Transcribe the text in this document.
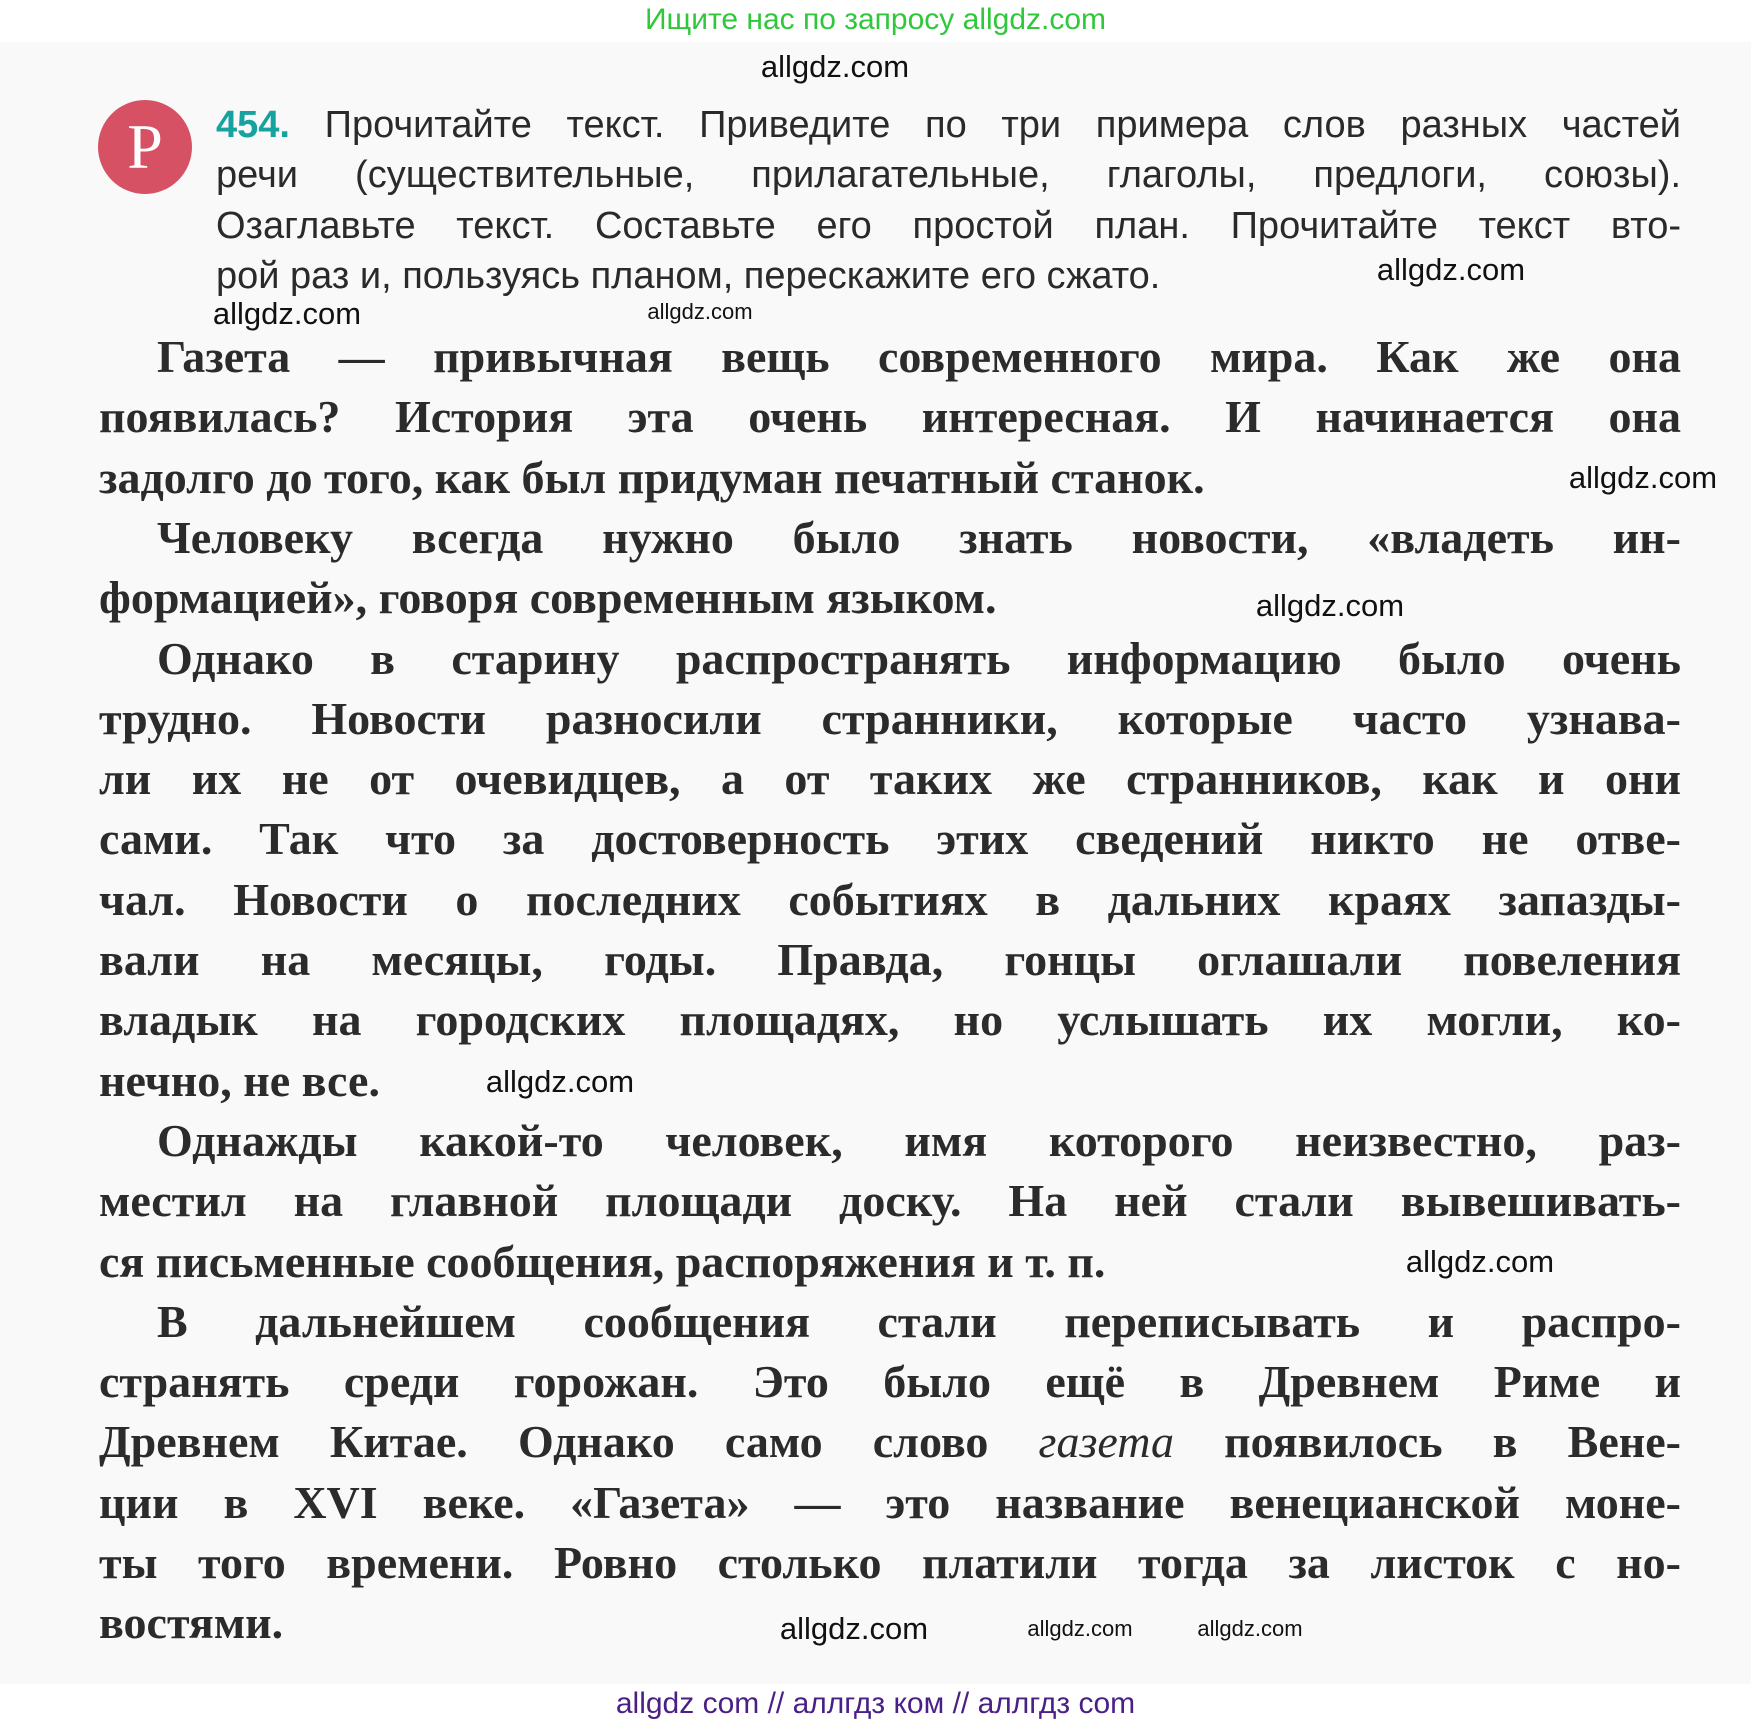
Ищите нас по запросу allgdz.com
Р	454. Прочитайте текст. Приведите по три примера слов разных частей
речи (существительные, прилагательные, глаголы, предлоги, союзы).
Озаглавьте текст. Составьте его простой план. Прочитайте текст вто-
рой раз и, пользуясь планом, перескажите его сжато.
Газета — привычная вещь современного мира. Как же она
появилась? История эта очень интересная. И начинается она
задолго до того, как был придуман печатный станок.
Человеку всегда нужно было знать новости, «владеть ин-
формацией», говоря современным языком.
Однако в старину распространять информацию было очень
трудно. Новости разносили странники, которые часто узнава-
ли их не от очевидцев, а от таких же странников, как и они
сами. Так что за достоверность этих сведений никто не отве-
чал. Новости о последних событиях в дальних краях запазды-
вали на месяцы, годы. Правда, гонцы оглашали повеления
владык на городских площадях, но услышать их могли, ко-
нечно, не все.
Однажды какой-то человек, имя которого неизвестно, раз-
местил на главной площади доску. На ней стали вывешивать-
ся письменные сообщения, распоряжения и т. п.
В дальнейшем сообщения стали переписывать и распро-
странять среди горожан. Это было ещё в Древнем Риме и
Древнем Китае. Однако само слово газета появилось в Вене-
ции в XVI веке. «Газета» — это название венецианской моне-
ты того времени. Ровно столько платили тогда за листок с но-
востями.
allgdz.com
allgdz.com
allgdz.com	allgdz.com
allgdz.com
allgdz.com
allgdz.com
allgdz.com
allgdz.com
allgdz.com
allgdz.com
allgdz com // аллгдз ком // аллгдз com
